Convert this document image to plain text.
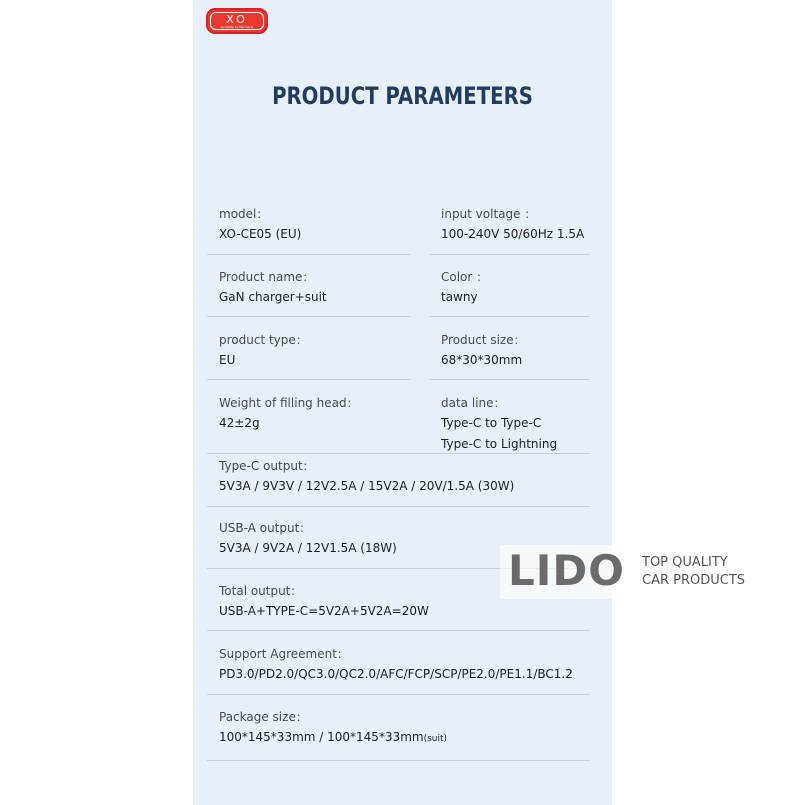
XO
Lumplite Le Mermerly
PRODUCT PARAMETERS
model：
XO-CE05 (EU)
input voltage ：
100-240V 50/60Hz 1.5A
Product name：
GaN charger+suit
Color ：
tawny
product type：
EU
Product size：
68*30*30mm
Weight of filling head：
42±2g
data line：
Type-C to Type-C
Type-C to Lightning
Type-C output：
5V3A / 9V3V / 12V2.5A / 15V2A / 20V/1.5A (30W)
USB-A output：
5V3A / 9V2A / 12V1.5A (18W)
Total output：
USB-A+TYPE-C=5V2A+5V2A=20W
Support Agreement：
PD3.0/PD2.0/QC3.0/QC2.0/AFC/FCP/SCP/PE2.0/PE1.1/BC1.2
Package size：
100*145*33mm / 100*145*33mm(suit)
LIDO TOP QUALITY
CAR PRODUCTS
